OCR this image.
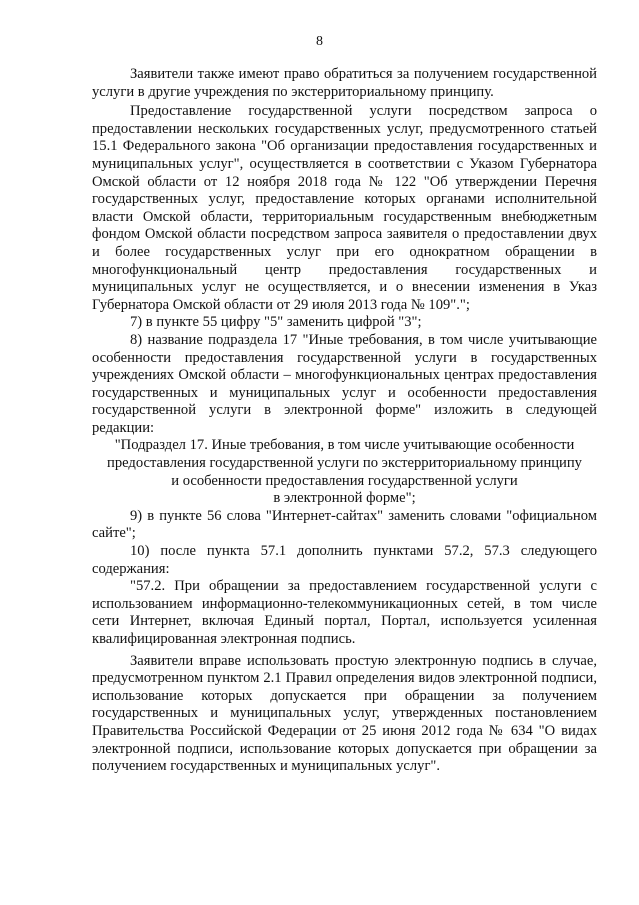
8

Заявители также имеют право обратиться за получением государственной услуги в другие учреждения по экстерриториальному принципу.

Предоставление государственной услуги посредством запроса о предоставлении нескольких государственных услуг, предусмотренного статьей 15.1 Федерального закона "Об организации предоставления государственных и муниципальных услуг", осуществляется в соответствии с Указом Губернатора Омской области от 12 ноября 2018 года № 122 "Об утверждении Перечня государственных услуг, предоставление которых органами исполнительной власти Омской области, территориальным государственным внебюджетным фондом Омской области посредством запроса заявителя о предоставлении двух и более государственных услуг при его однократном обращении в многофункциональный центр предоставления государственных и муниципальных услуг не осуществляется, и о внесении изменения в Указ Губернатора Омской области от 29 июля 2013 года № 109".";

7) в пункте 55 цифру "5" заменить цифрой "3";

8) название подраздела 17 "Иные требования, в том числе учитывающие особенности предоставления государственной услуги в государственных учреждениях Омской области – многофункциональных центрах предоставления государственных и муниципальных услуг и особенности предоставления государственной услуги в электронной форме" изложить в следующей редакции:

"Подраздел 17. Иные требования, в том числе учитывающие особенности

предоставления государственной услуги по экстерриториальному принципу

и особенности предоставления государственной услуги

в электронной форме";

9) в пункте 56 слова "Интернет-сайтах" заменить словами "официальном сайте";

10) после пункта 57.1 дополнить пунктами 57.2, 57.3 следующего содержания:

"57.2. При обращении за предоставлением государственной услуги с использованием информационно-телекоммуникационных сетей, в том числе сети Интернет, включая Единый портал, Портал, используется усиленная квалифицированная электронная подпись.

Заявители вправе использовать простую электронную подпись в случае, предусмотренном пунктом 2.1 Правил определения видов электронной подписи, использование которых допускается при обращении за получением государственных и муниципальных услуг, утвержденных постановлением Правительства Российской Федерации от 25 июня 2012 года № 634 "О видах электронной подписи, использование которых допускается при обращении за получением государственных и муниципальных услуг".
